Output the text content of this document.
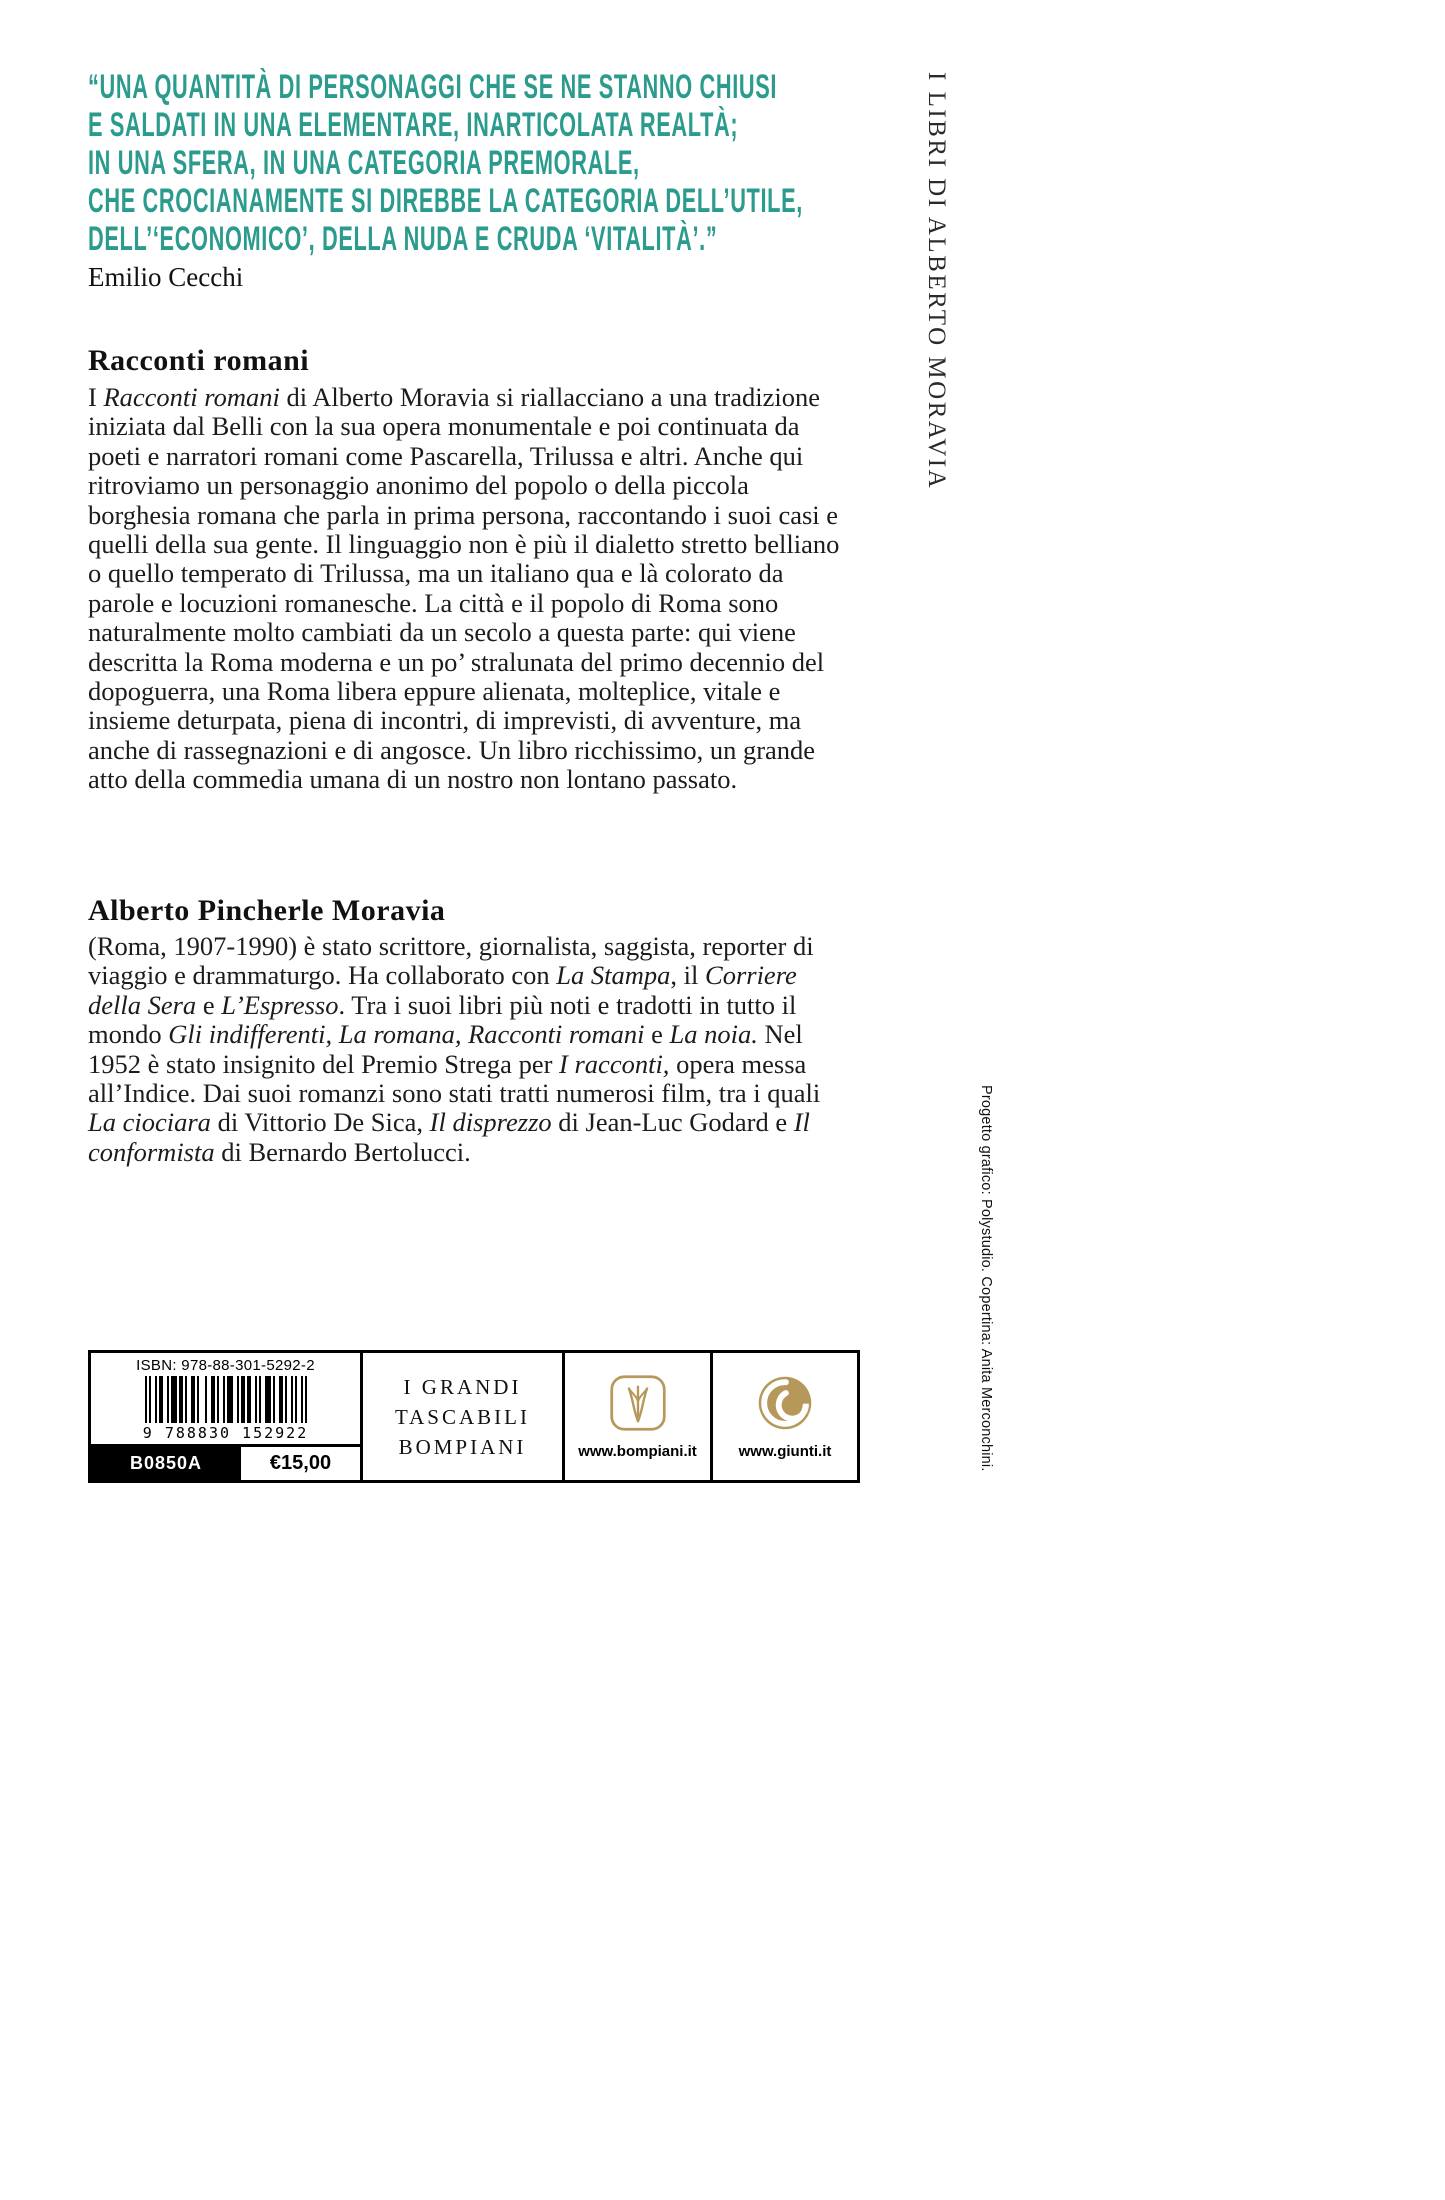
“UNA QUANTITÀ DI PERSONAGGI CHE SE NE STANNO CHIUSI
E SALDATI IN UNA ELEMENTARE, INARTICOLATA REALTÀ;
IN UNA SFERA, IN UNA CATEGORIA PREMORALE,
CHE CROCIANAMENTE SI DIREBBE LA CATEGORIA DELL’UTILE,
DELL’‘ECONOMICO’, DELLA NUDA E CRUDA ‘VITALITÀ’.”
Emilio Cecchi	I LIBRI DI ALBERTO MORAVIA
Racconti romani
I Racconti romani di Alberto Moravia si riallacciano a una tradizione iniziata dal Belli con la sua opera monumentale e poi continuata da poeti e narratori romani come Pascarella, Trilussa e altri. Anche qui ritroviamo un personaggio anonimo del popolo o della piccola borghesia romana che parla in prima persona, raccontando i suoi casi e quelli della sua gente. Il linguaggio non è più il dialetto stretto belliano o quello temperato di Trilussa, ma un italiano qua e là colorato da parole e locuzioni romanesche. La città e il popolo di Roma sono naturalmente molto cambiati da un secolo a questa parte: qui viene descritta la Roma moderna e un po’ stralunata del primo decennio del dopoguerra, una Roma libera eppure alienata, molteplice, vitale e insieme deturpata, piena di incontri, di imprevisti, di avventure, ma anche di rassegnazioni e di angosce. Un libro ricchissimo, un grande atto della commedia umana di un nostro non lontano passato.
Alberto Pincherle Moravia
(Roma, 1907-1990) è stato scrittore, giornalista, saggista, reporter di viaggio e drammaturgo. Ha collaborato con La Stampa, il Corriere della Sera e L’Espresso. Tra i suoi libri più noti e tradotti in tutto il mondo Gli indifferenti, La romana, Racconti romani e La noia. Nel 1952 è stato insignito del Premio Strega per I racconti, opera messa all’Indice. Dai suoi romanzi sono stati tratti numerosi film, tra i quali La ciociara di Vittorio De Sica, Il disprezzo di Jean-Luc Godard e Il conformista di Bernardo Bertolucci.
ISBN: 978-88-301-5292-2
9 788830 152922
B0850A	€15,00
I GRANDI
TASCABILI
BOMPIANI	www.bompiani.it	www.giunti.it	Progetto grafico: Polystudio. Copertina: Anita Merconchini.
